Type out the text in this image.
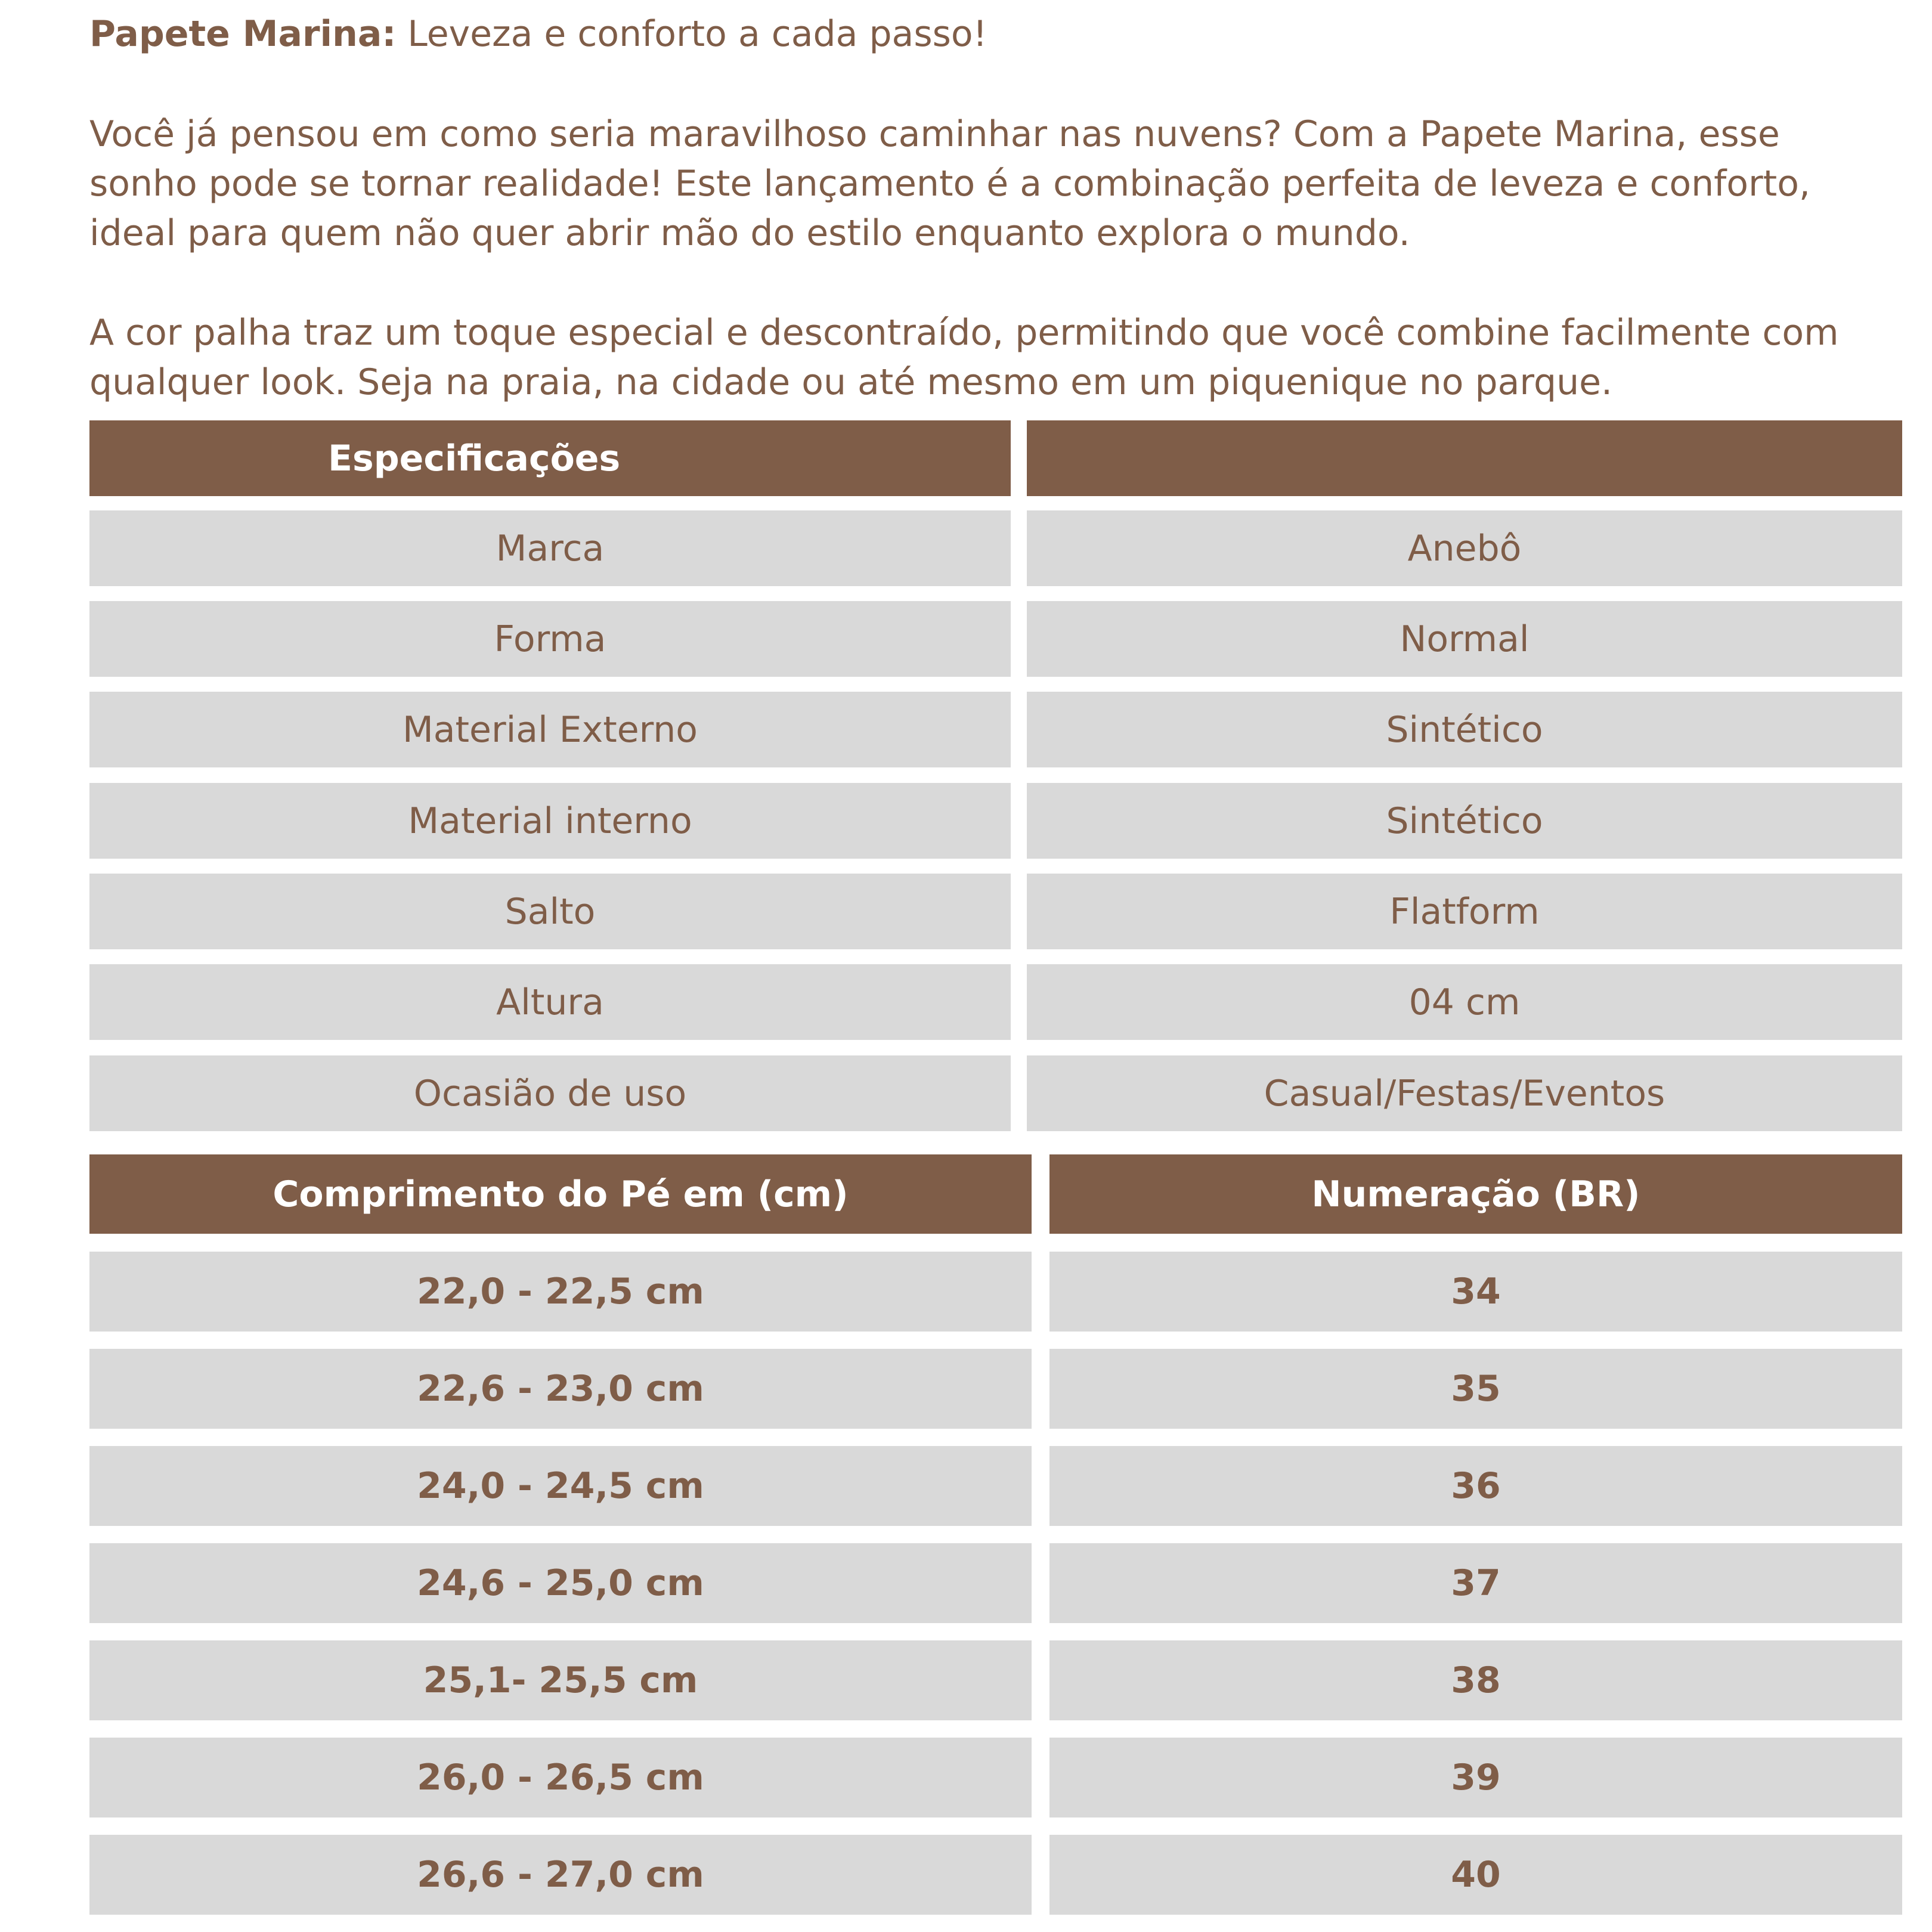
Papete Marina: Leveza e conforto a cada passo!

Você já pensou em como seria maravilhoso caminhar nas nuvens? Com a Papete Marina, esse

sonho pode se tornar realidade! Este lançamento é a combinação perfeita de leveza e conforto,

ideal para quem não quer abrir mão do estilo enquanto explora o mundo.

A cor palha traz um toque especial e descontraído, permitindo que você combine facilmente com

qualquer look. Seja na praia, na cidade ou até mesmo em um piquenique no parque.

Especificações
Marca	Anebô
Forma	Normal
Material Externo	Sintético
Material interno	Sintético
Salto	Flatform
Altura	04 cm
Ocasião de uso	Casual/Festas/Eventos
Comprimento do Pé em (cm)	Numeração (BR)
22,0 - 22,5 cm	34
22,6 - 23,0 cm	35
24,0 - 24,5 cm	36
24,6 - 25,0 cm	37
25,1- 25,5 cm	38
26,0 - 26,5 cm	39
26,6 - 27,0 cm	40
